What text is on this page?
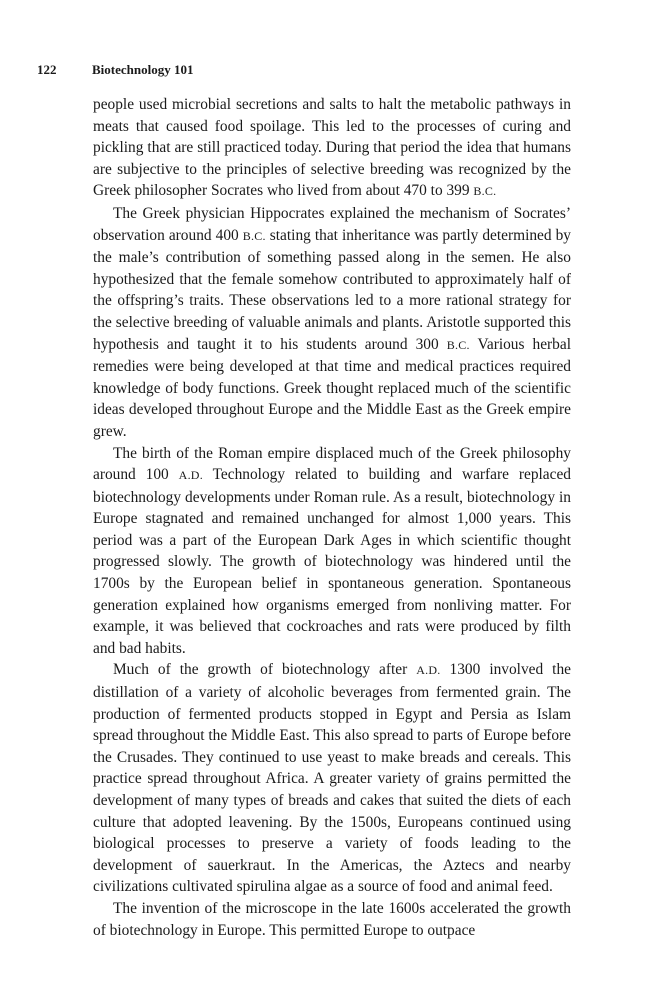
122	Biotechnology 101

people used microbial secretions and salts to halt the metabolic pathways in meats that caused food spoilage. This led to the processes of curing and pickling that are still practiced today. During that period the idea that humans are subjective to the principles of selective breeding was recognized by the Greek philosopher Socrates who lived from about 470 to 399 B.C.

The Greek physician Hippocrates explained the mechanism of Socrates’ observation around 400 B.C. stating that inheritance was partly determined by the male’s contribution of something passed along in the semen. He also hypothesized that the female somehow contributed to approximately half of the offspring’s traits. These observations led to a more rational strategy for the selective breeding of valuable animals and plants. Aristotle supported this hypothesis and taught it to his students around 300 B.C. Various herbal remedies were being developed at that time and medical practices required knowledge of body functions. Greek thought replaced much of the scientific ideas developed throughout Europe and the Middle East as the Greek empire grew.

The birth of the Roman empire displaced much of the Greek philosophy around 100 A.D. Technology related to building and warfare replaced biotechnology developments under Roman rule. As a result, biotechnology in Europe stagnated and remained unchanged for almost 1,000 years. This period was a part of the European Dark Ages in which scientific thought progressed slowly. The growth of biotechnology was hindered until the 1700s by the European belief in spontaneous generation. Spontaneous generation explained how organisms emerged from nonliving matter. For example, it was believed that cockroaches and rats were produced by filth and bad habits.

Much of the growth of biotechnology after A.D. 1300 involved the distillation of a variety of alcoholic beverages from fermented grain. The production of fermented products stopped in Egypt and Persia as Islam spread throughout the Middle East. This also spread to parts of Europe before the Crusades. They continued to use yeast to make breads and cereals. This practice spread throughout Africa. A greater variety of grains permitted the development of many types of breads and cakes that suited the diets of each culture that adopted leavening. By the 1500s, Europeans continued using biological processes to preserve a variety of foods leading to the development of sauerkraut. In the Americas, the Aztecs and nearby civilizations cultivated spirulina algae as a source of food and animal feed.

The invention of the microscope in the late 1600s accelerated the growth of biotechnology in Europe. This permitted Europe to outpace
